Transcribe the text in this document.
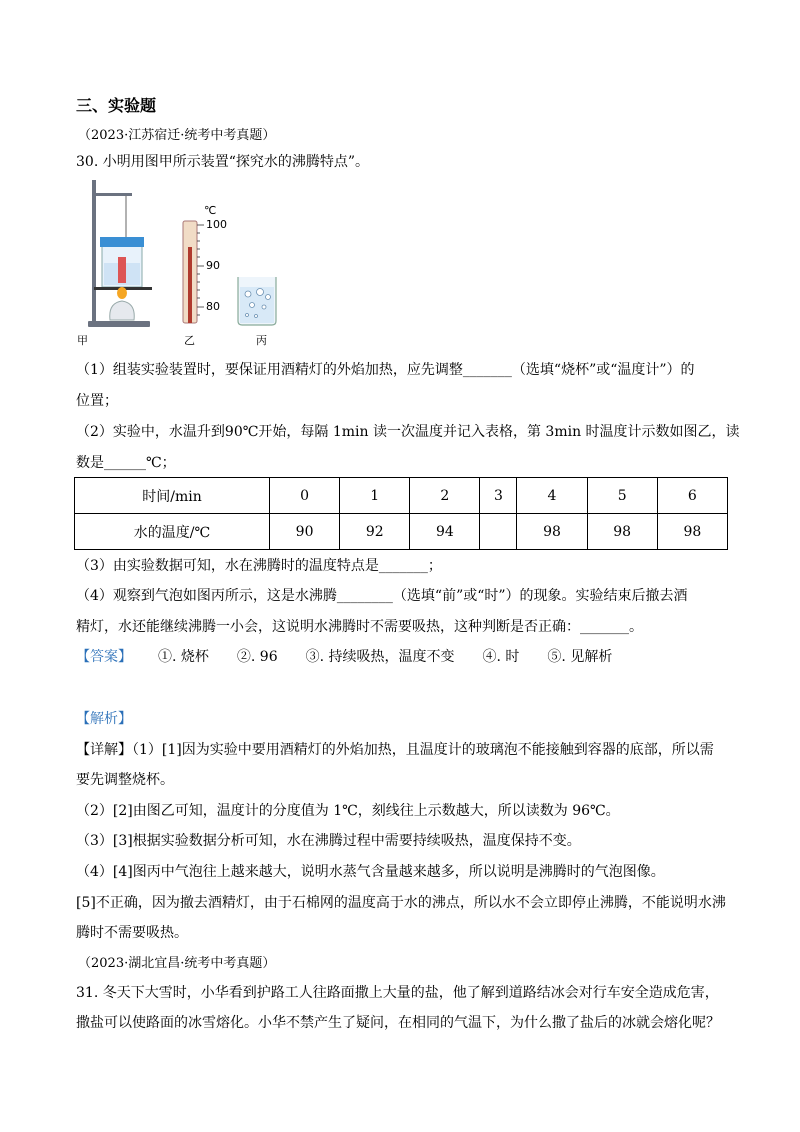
三、实验题
（2023·江苏宿迁·统考中考真题）
30. 小明用图甲所示装置“探究水的沸腾特点”。
甲	乙	丙
℃
100
90
80
（1）组装实验装置时，要保证用酒精灯的外焰加热，应先调整_______（选填“烧杯”或“温度计”）的
位置；
（2）实验中，水温升到90℃开始，每隔 1min 读一次温度并记入表格，第 3min 时温度计示数如图乙，读
数是______℃；
时间/min	0	1	2	3	4	5	6
水的温度/℃	90	92	94		98	98	98
（3）由实验数据可知，水在沸腾时的温度特点是_______；
（4）观察到气泡如图丙所示，这是水沸腾________（选填“前”或“时”）的现象。实验结束后撤去酒
精灯，水还能继续沸腾一小会，这说明水沸腾时不需要吸热，这种判断是否正确：_______。
【答案】 ①. 烧杯　　②. 96　　③. 持续吸热，温度不变　　④. 时　　⑤. 见解析
【解析】
【详解】（1）[1]因为实验中要用酒精灯的外焰加热，且温度计的玻璃泡不能接触到容器的底部，所以需
要先调整烧杯。
（2）[2]由图乙可知，温度计的分度值为 1℃，刻线往上示数越大，所以读数为 96℃。
（3）[3]根据实验数据分析可知，水在沸腾过程中需要持续吸热，温度保持不变。
（4）[4]图丙中气泡往上越来越大，说明水蒸气含量越来越多，所以说明是沸腾时的气泡图像。
[5]不正确，因为撤去酒精灯，由于石棉网的温度高于水的沸点，所以水不会立即停止沸腾，不能说明水沸
腾时不需要吸热。
（2023·湖北宜昌·统考中考真题）
31. 冬天下大雪时，小华看到护路工人往路面撒上大量的盐，他了解到道路结冰会对行车安全造成危害，
撒盐可以使路面的冰雪熔化。小华不禁产生了疑问，在相同的气温下，为什么撒了盐后的冰就会熔化呢？
